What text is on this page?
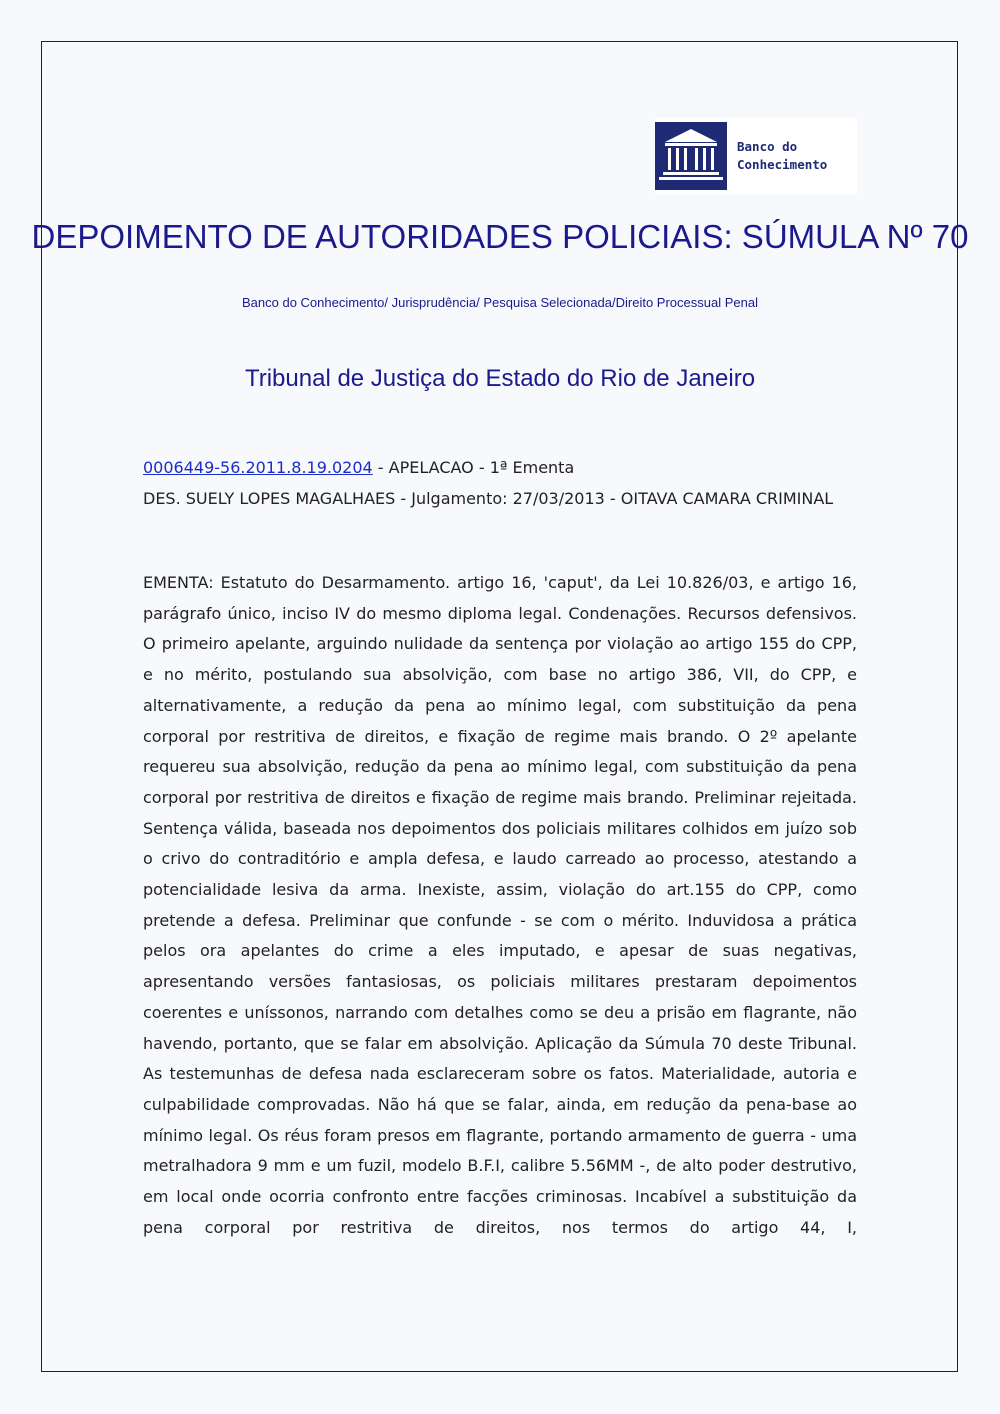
Banco do
Conhecimento
DEPOIMENTO DE AUTORIDADES POLICIAIS: SÚMULA Nº 70
Banco do Conhecimento/ Jurisprudência/ Pesquisa Selecionada/Direito Processual Penal
Tribunal de Justiça do Estado do Rio de Janeiro
0006449-56.2011.8.19.0204 - APELACAO - 1ª Ementa
DES. SUELY LOPES MAGALHAES - Julgamento: 27/03/2013 - OITAVA CAMARA CRIMINAL
EMENTA: Estatuto do Desarmamento. artigo 16, 'caput', da Lei 10.826/03, e artigo 16, parágrafo único, inciso IV do mesmo diploma legal. Condenações. Recursos defensivos. O primeiro apelante, arguindo nulidade da sentença por violação ao artigo 155 do CPP, e no mérito, postulando sua absolvição, com base no artigo 386, VII, do CPP, e alternativamente, a redução da pena ao mínimo legal, com substituição da pena corporal por restritiva de direitos, e fixação de regime mais brando. O 2º apelante requereu sua absolvição, redução da pena ao mínimo legal, com substituição da pena corporal por restritiva de direitos e fixação de regime mais brando. Preliminar rejeitada. Sentença válida, baseada nos depoimentos dos policiais militares colhidos em juízo sob o crivo do contraditório e ampla defesa, e laudo carreado ao processo, atestando a potencialidade lesiva da arma. Inexiste, assim, violação do art.155 do CPP, como pretende a defesa. Preliminar que confunde - se com o mérito. Induvidosa a prática pelos ora apelantes do crime a eles imputado, e apesar de suas negativas, apresentando versões fantasiosas, os policiais militares prestaram depoimentos coerentes e uníssonos, narrando com detalhes como se deu a prisão em flagrante, não havendo, portanto, que se falar em absolvição. Aplicação da Súmula 70 deste Tribunal. As testemunhas de defesa nada esclareceram sobre os fatos. Materialidade, autoria e culpabilidade comprovadas. Não há que se falar, ainda, em redução da pena-base ao mínimo legal. Os réus foram presos em flagrante, portando armamento de guerra - uma metralhadora 9 mm e um fuzil, modelo B.F.I, calibre 5.56MM -, de alto poder destrutivo, em local onde ocorria confronto entre facções criminosas. Incabível a substituição da pena corporal por restritiva de direitos, nos termos do artigo 44, I,
